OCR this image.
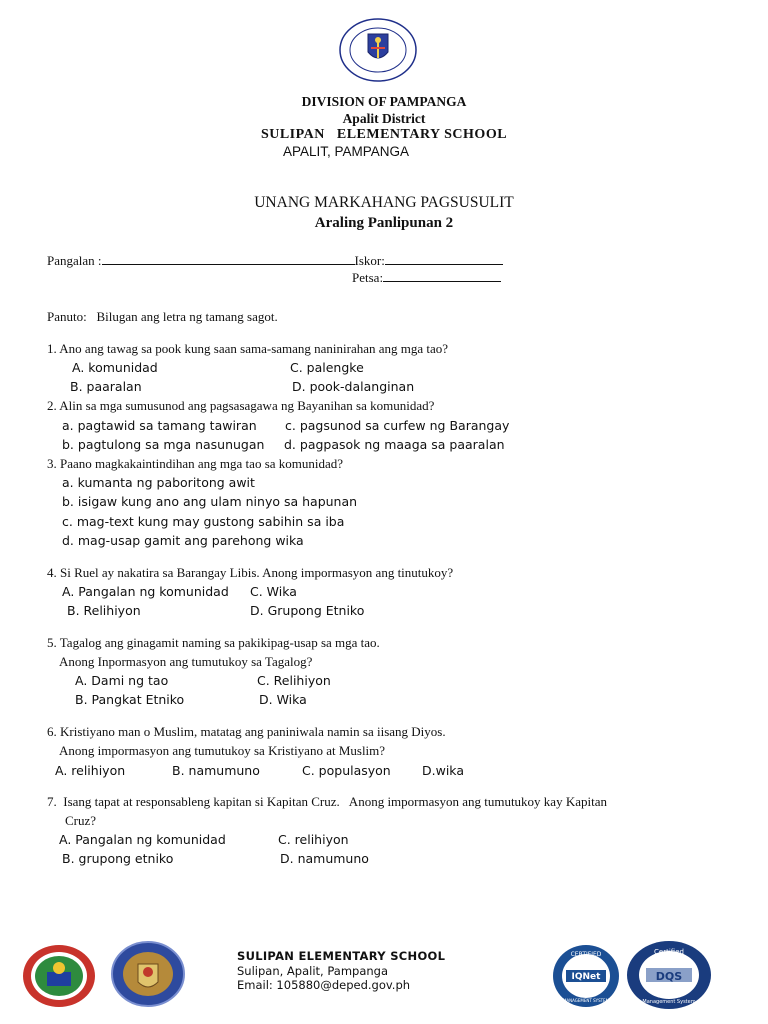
DIVISION OF PAMPANGA
Apalit District
SULIPAN   ELEMENTARY SCHOOL
APALIT, PAMPANGA
UNANG MARKAHANG PAGSUSULIT
Araling Panlipunan 2
Pangalan :	Iskor:
Petsa:
Panuto:   Bilugan ang letra ng tamang sagot.
1. Ano ang tawag sa pook kung saan sama-samang naninirahan ang mga tao?
A. komunidad	C. palengke
B. paaralan	D. pook-dalanginan
2. Alin sa mga sumusunod ang pagsasagawa ng Bayanihan sa komunidad?
a. pagtawid sa tamang tawiran c. pagsunod sa curfew ng Barangay
b. pagtulong sa mga nasunugan d. pagpasok ng maaga sa paaralan
3. Paano magkakaintindihan ang mga tao sa komunidad?
a. kumanta ng paboritong awit
b. isigaw kung ano ang ulam ninyo sa hapunan
c. mag-text kung may gustong sabihin sa iba
d. mag-usap gamit ang parehong wika
4. Si Ruel ay nakatira sa Barangay Libis. Anong impormasyon ang tinutukoy?
A. Pangalan ng komunidad C. Wika
B. Relihiyon	D. Grupong Etniko
5. Tagalog ang ginagamit naming sa pakikipag-usap sa mga tao.
Anong Inpormasyon ang tumutukoy sa Tagalog?
A. Dami ng tao	C. Relihiyon
B. Pangkat Etniko	D. Wika
6. Kristiyano man o Muslim, matatag ang paniniwala namin sa iisang Diyos.
Anong impormasyon ang tumutukoy sa Kristiyano at Muslim?
A. relihiyon	B. namumuno	C. populasyon	D.wika
7.  Isang tapat at responsableng kapitan si Kapitan Cruz.   Anong impormasyon ang tumutukoy kay Kapitan
Cruz?
A. Pangalan ng komunidad	C. relihiyon
B. grupong etniko	D. namumuno
SULIPAN ELEMENTARY SCHOOL
Sulipan, Apalit, Pampanga
Email: 105880@deped.gov.ph
CERTIFIED
IQNet
MANAGEMENT SYSTEM
Certified
DQS
Management System
